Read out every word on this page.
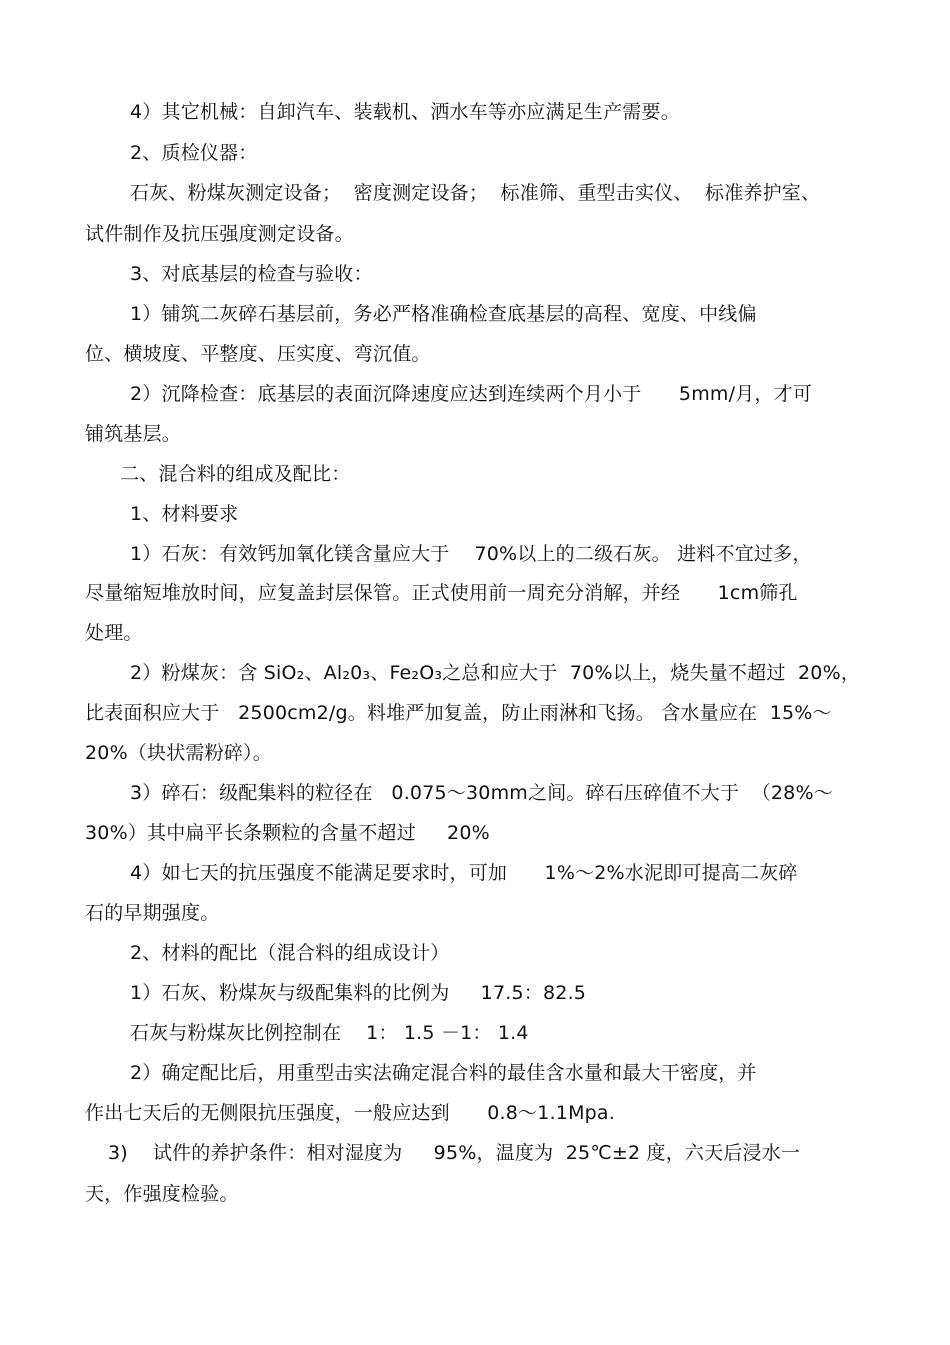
4）其它机械：自卸汽车、装载机、洒水车等亦应满足生产需要。
2、质检仪器：
石灰、粉煤灰测定设备；  密度测定设备；  标准筛、重型击实仪、  标准养护室、
试件制作及抗压强度测定设备。
3、对底基层的检查与验收：
1）铺筑二灰碎石基层前，务必严格准确检查底基层的高程、宽度、中线偏
位、横坡度、平整度、压实度、弯沉值。
2）沉降检查：底基层的表面沉降速度应达到连续两个月小于      5mm/月，才可
铺筑基层。
二、混合料的组成及配比：
1、材料要求
1）石灰：有效钙加氧化镁含量应大于    70%以上的二级石灰。 进料不宜过多，
尽量缩短堆放时间，应复盖封层保管。正式使用前一周充分消解，并经      1cm筛孔
处理。
2）粉煤灰：含 SiO₂、Al₂0₃、Fe₂O₃之总和应大于  70%以上，烧失量不超过  20%，
比表面积应大于   2500cm2/g。料堆严加复盖，防止雨淋和飞扬。 含水量应在  15%～
20%（块状需粉碎）。
3）碎石：级配集料的粒径在   0.075～30mm之间。碎石压碎值不大于  （28%～
30%）其中扁平长条颗粒的含量不超过     20%
4）如七天的抗压强度不能满足要求时，可加      1%～2%水泥即可提高二灰碎
石的早期强度。
2、材料的配比（混合料的组成设计）
1）石灰、粉煤灰与级配集料的比例为     17.5：82.5
石灰与粉煤灰比例控制在    1： 1.5 －1： 1.4
2）确定配比后，用重型击实法确定混合料的最佳含水量和最大干密度，并
作出七天后的无侧限抗压强度，一般应达到      0.8～1.1Mpa.
3)    试件的养护条件：相对湿度为     95%，温度为  25℃±2 度，六天后浸水一
天，作强度检验。
